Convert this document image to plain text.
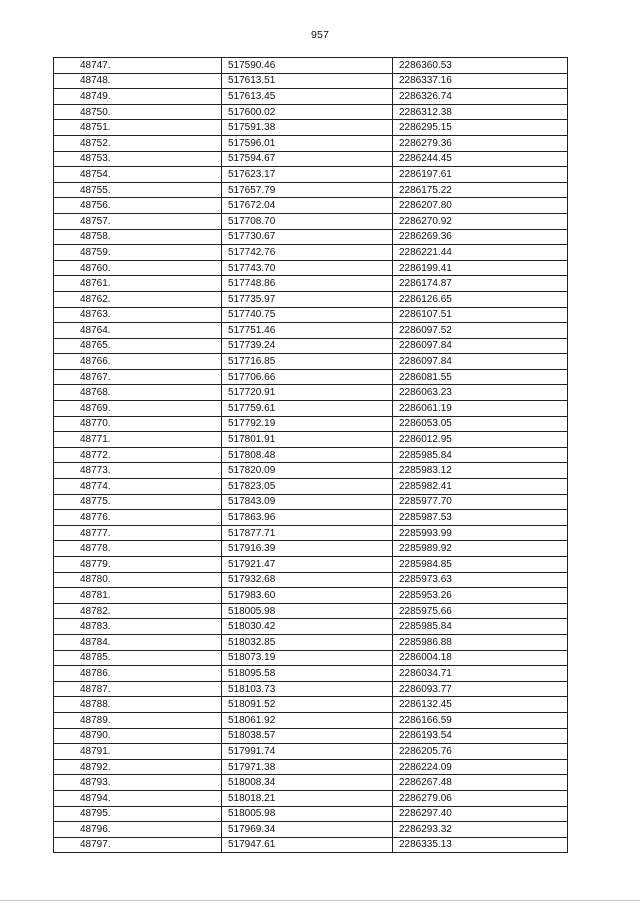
957
48747.	517590.46	2286360.53
48748.	517613.51	2286337.16
48749.	517613.45	2286326.74
48750.	517600.02	2286312.38
48751.	517591.38	2286295.15
48752.	517596.01	2286279.36
48753.	517594.67	2286244.45
48754.	517623.17	2286197.61
48755.	517657.79	2286175.22
48756.	517672.04	2286207.80
48757.	517708.70	2286270.92
48758.	517730.67	2286269.36
48759.	517742.76	2286221.44
48760.	517743.70	2286199.41
48761.	517748.86	2286174.87
48762.	517735.97	2286126.65
48763.	517740.75	2286107.51
48764.	517751.46	2286097.52
48765.	517739.24	2286097.84
48766.	517716.85	2286097.84
48767.	517706.66	2286081.55
48768.	517720.91	2286063.23
48769.	517759.61	2286061.19
48770.	517792.19	2286053.05
48771.	517801.91	2286012.95
48772.	517808.48	2285985.84
48773.	517820.09	2285983.12
48774.	517823.05	2285982.41
48775.	517843.09	2285977.70
48776.	517863.96	2285987.53
48777.	517877.71	2285993.99
48778.	517916.39	2285989.92
48779.	517921.47	2285984.85
48780.	517932.68	2285973.63
48781.	517983.60	2285953.26
48782.	518005.98	2285975.66
48783.	518030.42	2285985.84
48784.	518032.85	2285986.88
48785.	518073.19	2286004.18
48786.	518095.58	2286034.71
48787.	518103.73	2286093.77
48788.	518091.52	2286132.45
48789.	518061.92	2286166.59
48790.	518038.57	2286193.54
48791.	517991.74	2286205.76
48792.	517971.38	2286224.09
48793.	518008.34	2286267.48
48794.	518018.21	2286279.06
48795.	518005.98	2286297.40
48796.	517969.34	2286293.32
48797.	517947.61	2286335.13
